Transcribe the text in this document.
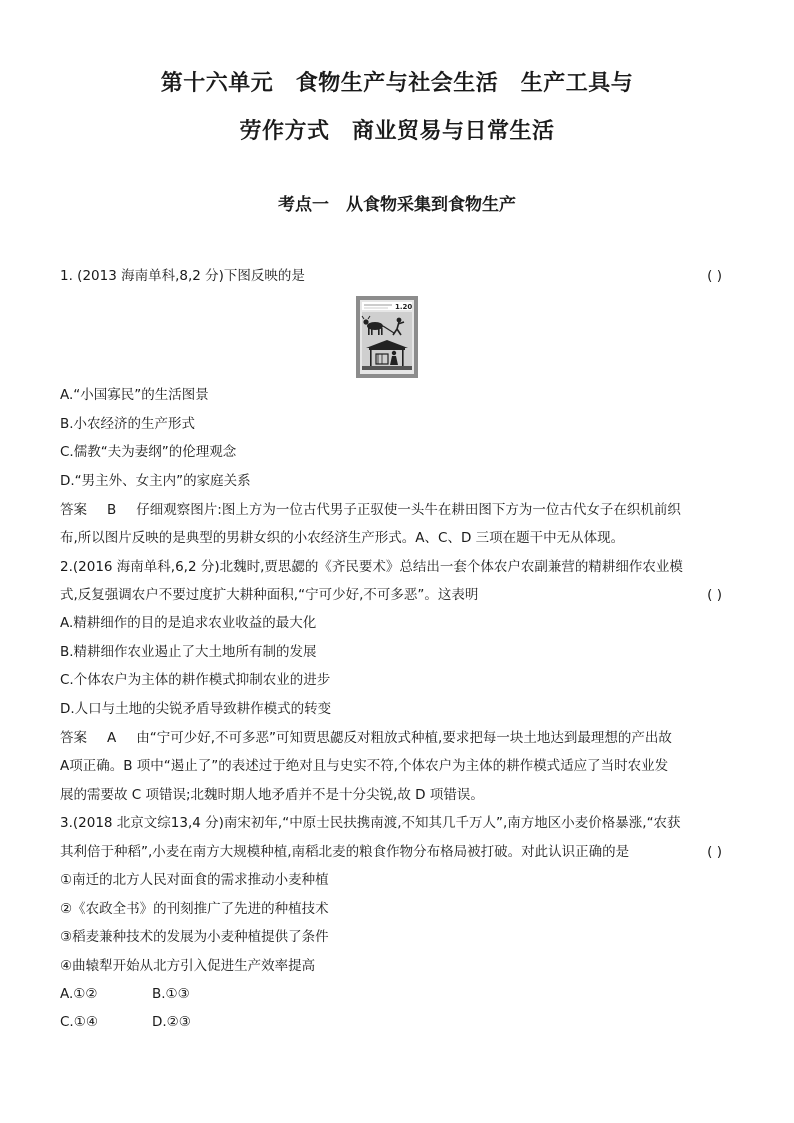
第十六单元　食物生产与社会生活　生产工具与
劳作方式　商业贸易与日常生活
考点一　从食物采集到食物生产
1. (2013 海南单科,8,2 分)下图反映的是	( )
1.20
A.“小国寡民”的生活图景
B.小农经济的生产形式
C.儒教“夫为妻纲”的伦理观念
D.“男主外、女主内”的家庭关系
答案 B 仔细观察图片:图上方为一位古代男子正驭使一头牛在耕田图下方为一位古代女子在织机前织
布,所以图片反映的是典型的男耕女织的小农经济生产形式。A、C、D 三项在题干中无从体现。
2.(2016 海南单科,6,2 分)北魏时,贾思勰的《齐民要术》总结出一套个体农户农副兼营的精耕细作农业模
式,反复强调农户不要过度扩大耕种面积,“宁可少好,不可多恶”。这表明	( )
A.精耕细作的目的是追求农业收益的最大化
B.精耕细作农业遏止了大土地所有制的发展
C.个体农户为主体的耕作模式抑制农业的进步
D.人口与土地的尖锐矛盾导致耕作模式的转变
答案 A 由“宁可少好,不可多恶”可知贾思勰反对粗放式种植,要求把每一块土地达到最理想的产出故
A项正确。B 项中“遏止了”的表述过于绝对且与史实不符,个体农户为主体的耕作模式适应了当时农业发
展的需要故 C 项错误;北魏时期人地矛盾并不是十分尖锐,故 D 项错误。
3.(2018 北京文综13,4 分)南宋初年,“中原士民扶携南渡,不知其几千万人”,南方地区小麦价格暴涨,“农获
其利倍于种稻”,小麦在南方大规模种植,南稻北麦的粮食作物分布格局被打破。对此认识正确的是	( )
①南迁的北方人民对面食的需求推动小麦种植
②《农政全书》的刊刻推广了先进的种植技术
③稻麦兼种技术的发展为小麦种植提供了条件
④曲辕犁开始从北方引入促进生产效率提高
A.①②	B.①③
C.①④	D.②③
